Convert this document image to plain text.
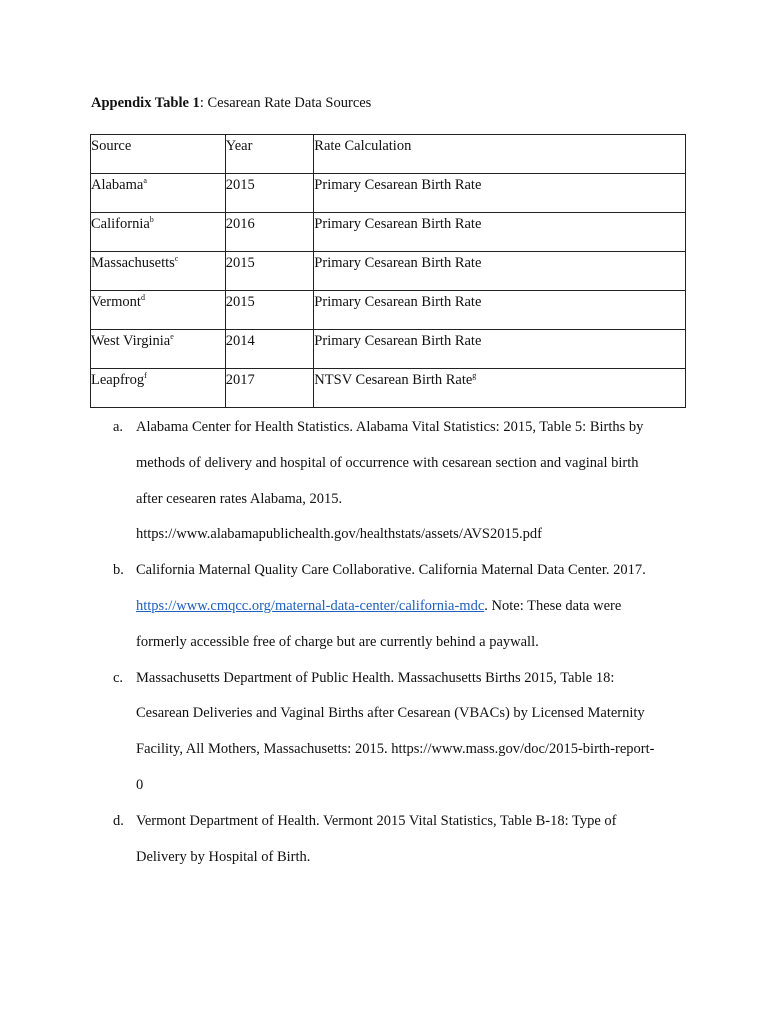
Appendix Table 1: Cesarean Rate Data Sources
Source	Year	Rate Calculation
Alabama$^a$	2015	Primary Cesarean Birth Rate
California$^b$	2016	Primary Cesarean Birth Rate
Massachusetts$^c$	2015	Primary Cesarean Birth Rate
Vermont$^d$	2015	Primary Cesarean Birth Rate
West Virginia$^e$	2014	Primary Cesarean Birth Rate
Leapfrog$^f$	2017	NTSV Cesarean Birth Rate$^g$
a. Alabama Center for Health Statistics. Alabama Vital Statistics: 2015, Table 5: Births by
methods of delivery and hospital of occurrence with cesarean section and vaginal birth
after cesearen rates Alabama, 2015.
https://www.alabamapublichealth.gov/healthstats/assets/AVS2015.pdf
b. California Maternal Quality Care Collaborative. California Maternal Data Center. 2017.
https://www.cmqcc.org/maternal-data-center/california-mdc. Note: These data were
formerly accessible free of charge but are currently behind a paywall.
c. Massachusetts Department of Public Health. Massachusetts Births 2015, Table 18:
Cesarean Deliveries and Vaginal Births after Cesarean (VBACs) by Licensed Maternity
Facility, All Mothers, Massachusetts: 2015. https://www.mass.gov/doc/2015-birth-report-
0
d. Vermont Department of Health. Vermont 2015 Vital Statistics, Table B-18: Type of
Delivery by Hospital of Birth.
